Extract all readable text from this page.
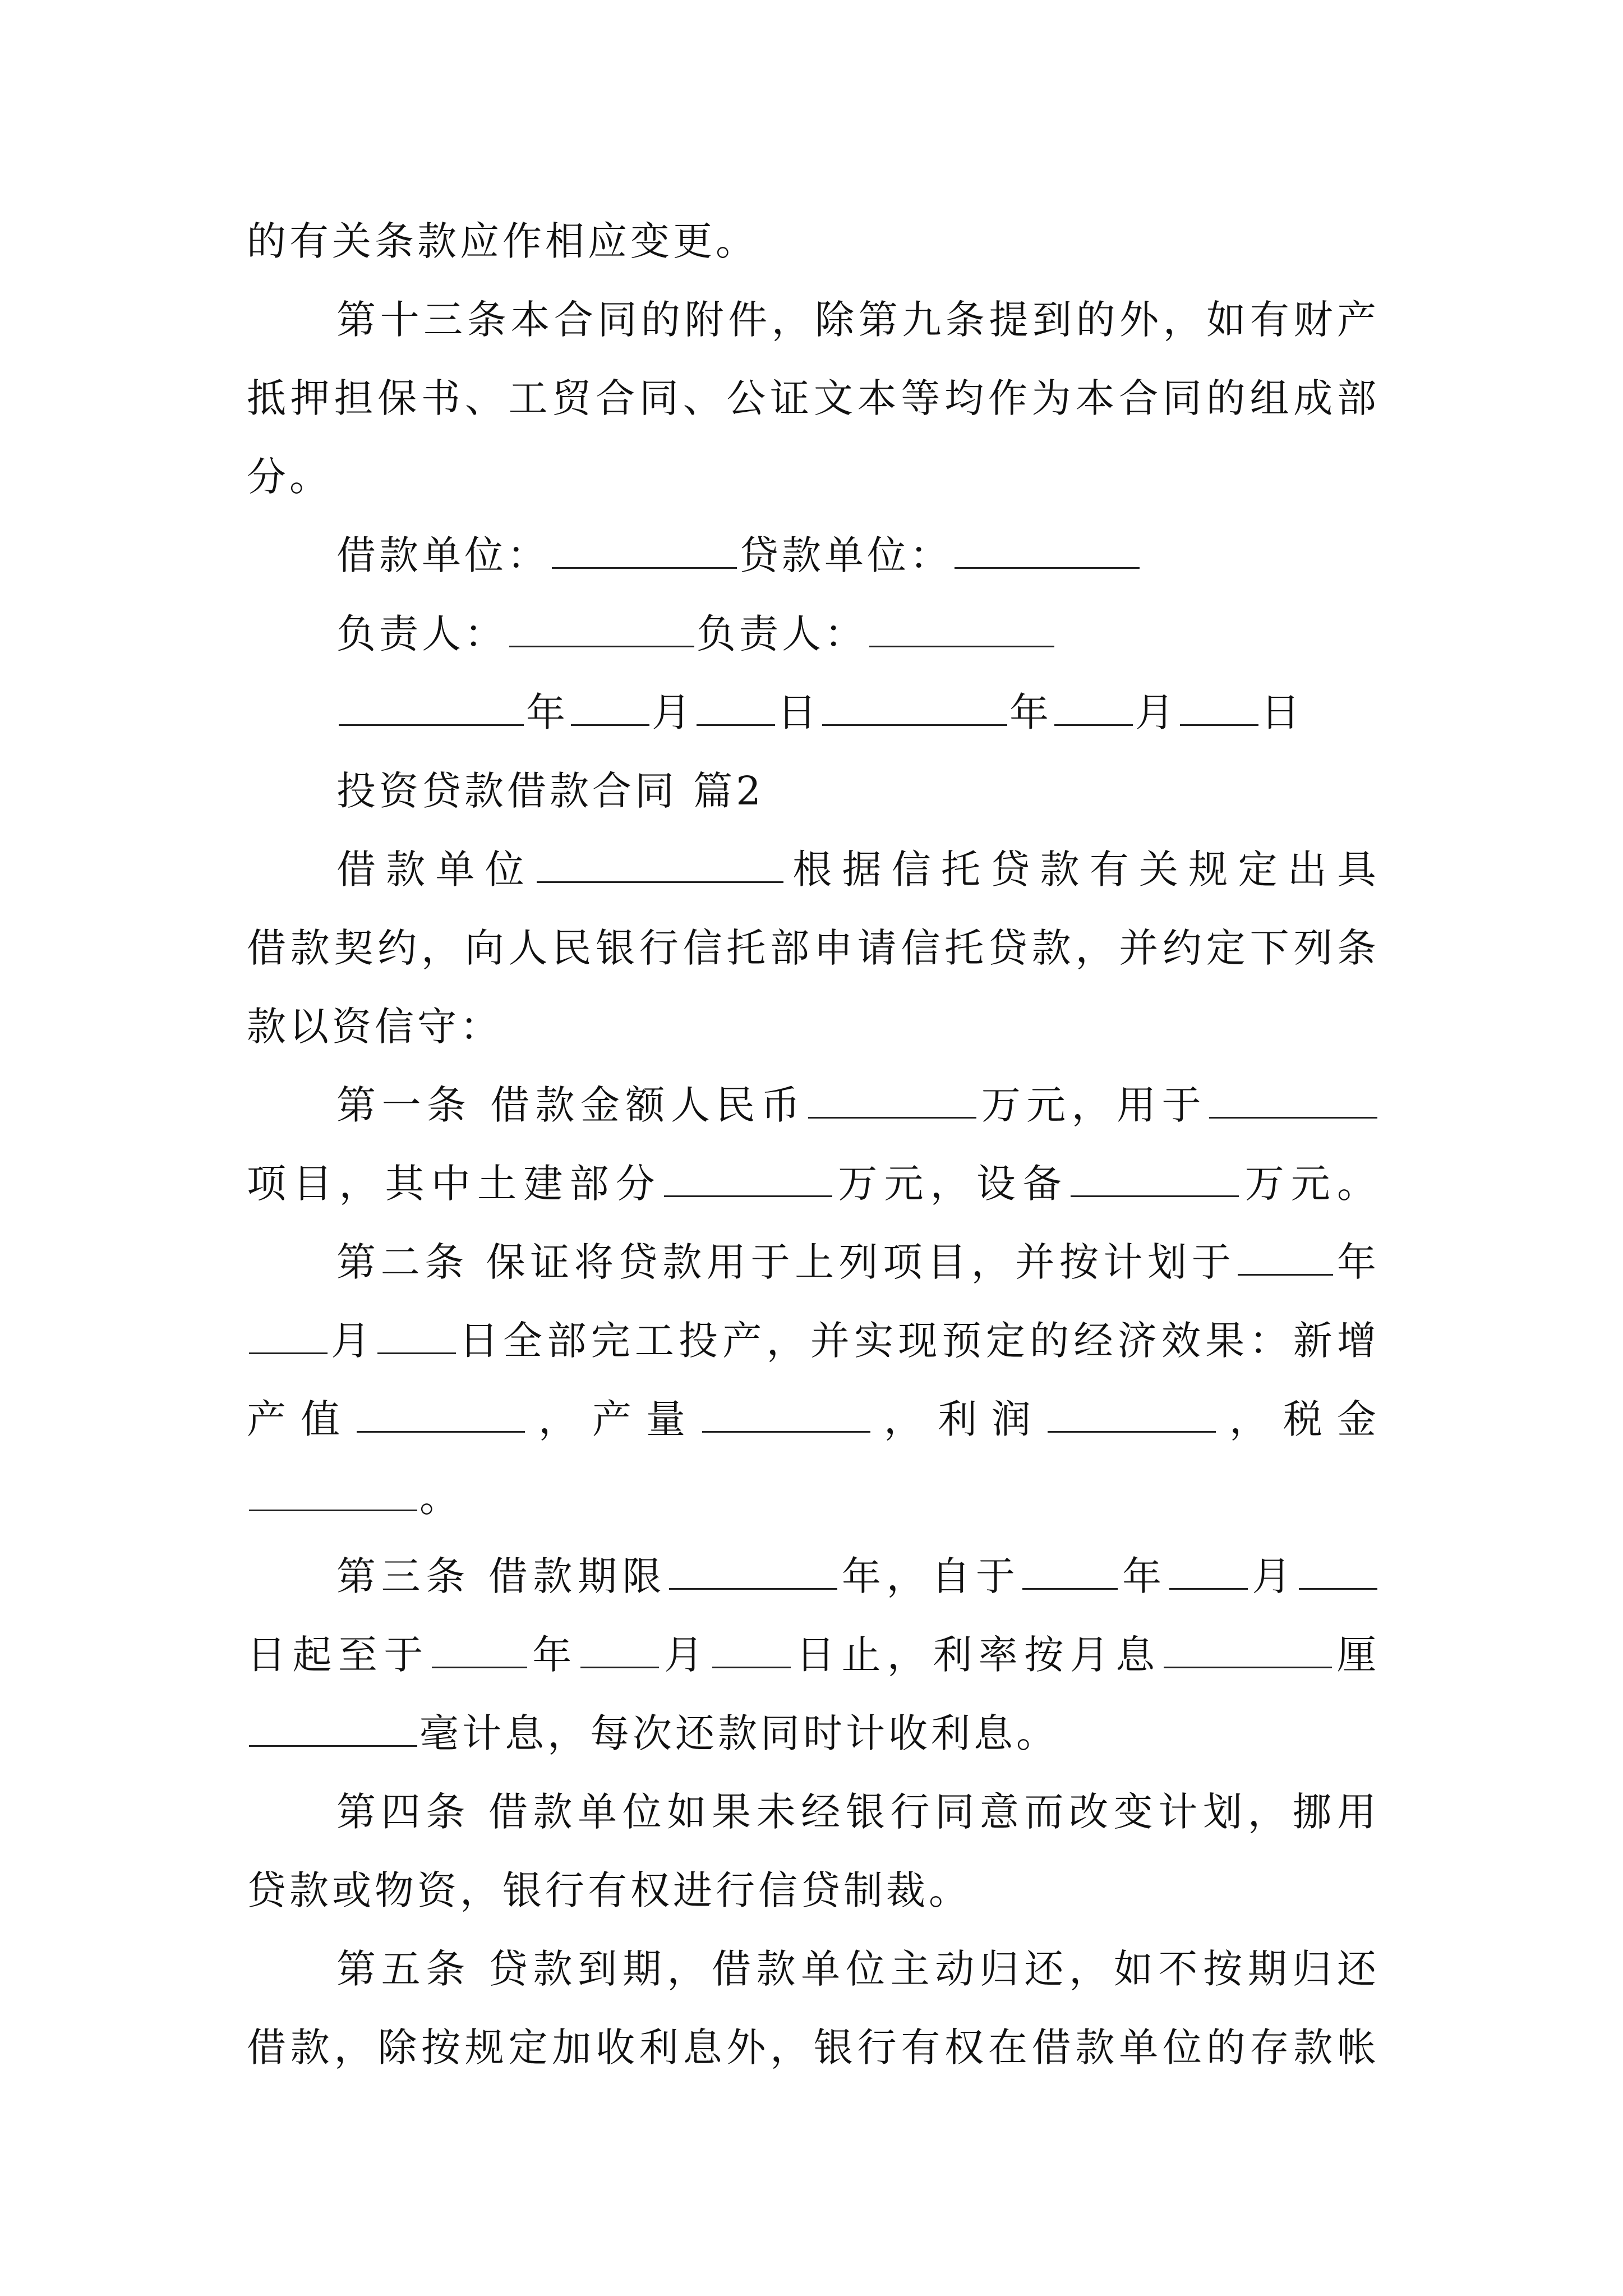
的有关条款应作相应变更。
第十三条本合同的附件，除第九条提到的外，如有财产
抵押担保书、工贸合同、公证文本等均作为本合同的组成部
分。
借款单位：	贷款单位：
负责人：	负责人：
年 月 日	年 月 日
投资贷款借款合同 篇2
借款单位	根据信托贷款有关规定出具
借款契约，向人民银行信托部申请信托贷款，并约定下列条
款以资信守：
第一条 借款金额人民币	万元，用于
项目，其中土建部分	万元，设备	万元。
第二条 保证将贷款用于上列项目，并按计划于	年
月 日全部完工投产，并实现预定的经济效果：新增
产值	，产量	，利润	，税金
。
第三条 借款期限	年，自于	年 月
日起至于	年 月 日止，利率按月息	厘
毫计息，每次还款同时计收利息。
第四条 借款单位如果未经银行同意而改变计划，挪用
贷款或物资，银行有权进行信贷制裁。
第五条 贷款到期，借款单位主动归还，如不按期归还
借款，除按规定加收利息外，银行有权在借款单位的存款帐
